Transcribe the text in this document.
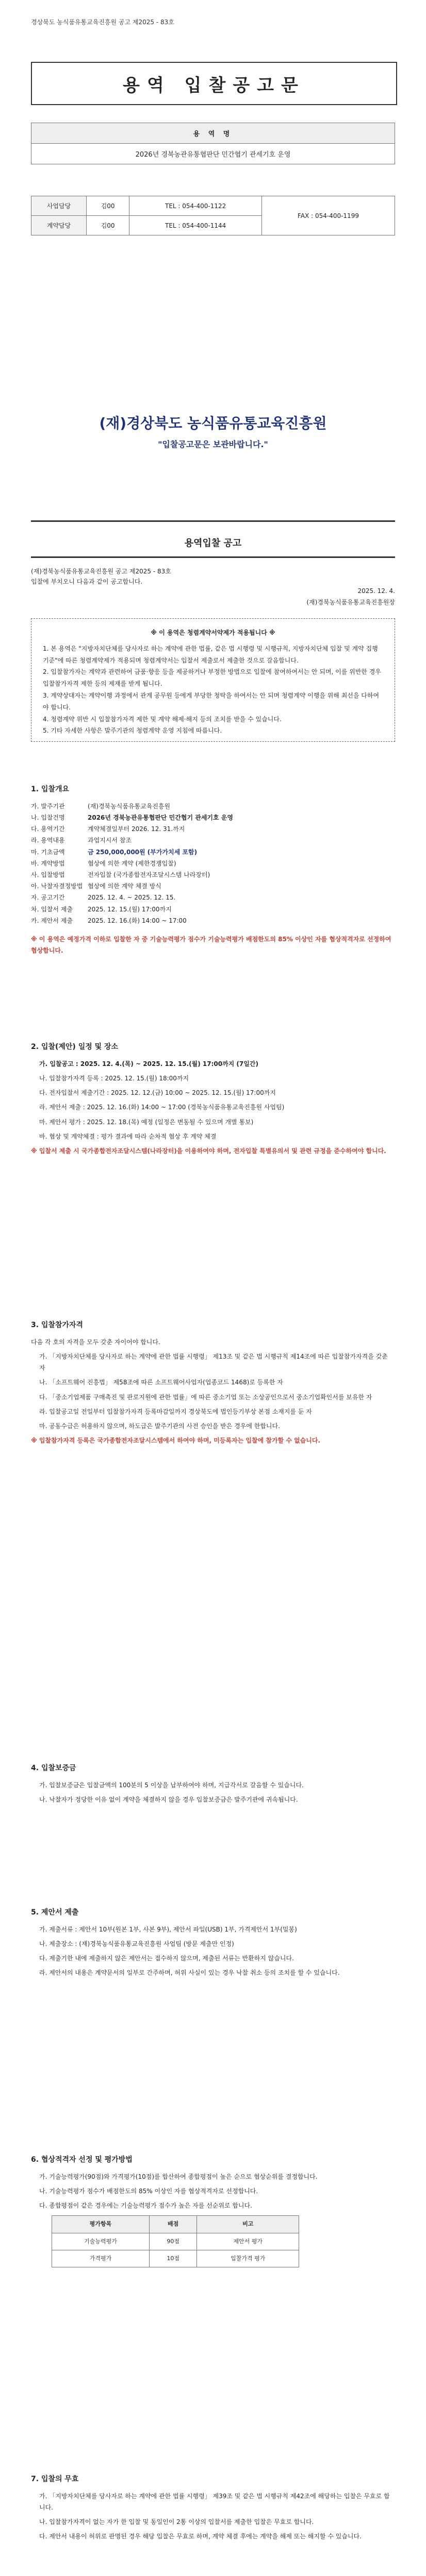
경상북도 농식품유통교육진흥원 공고 제2025 - 83호
용역 입찰공고문
용 역 명
2026년 경북농관유통협판단 민간협기 관세기호 운영
사업담당	김00	TEL : 054-400-1122	FAX : 054-400-1199
계약담당	김00	TEL : 054-400-1144	
(재)경상북도 농식품유통교육진흥원
"입찰공고문은 보관바랍니다."
용역입찰 공고
(재)경북농식품유통교육진흥원 공고 제2025 - 83호
입찰에 부치오니 다음과 같이 공고합니다.
2025. 12. 4.
(재)경북농식품유통교육진흥원장
※ 이 용역은 청렴계약서약제가 적용됩니다 ※
1. 본 용역은 "지방자치단체를 당사자로 하는 계약에 관한 법률, 같은 법 시행령 및 시행규칙, 지방자치단체 입찰 및 계약 집행기준"에 따른 청렴계약제가 적용되며 청렴계약서는 입찰서 제출로서 제출한 것으로 갈음합니다.
2. 입찰참가자는 계약과 관련하여 금품·향응 등을 제공하거나 부정한 방법으로 입찰에 참여하여서는 안 되며, 이를 위반한 경우 입찰참가자격 제한 등의 제재를 받게 됩니다.
3. 계약상대자는 계약이행 과정에서 관계 공무원 등에게 부당한 청탁을 하여서는 안 되며 청렴계약 이행을 위해 최선을 다하여야 합니다.
4. 청렴계약 위반 시 입찰참가자격 제한 및 계약 해제·해지 등의 조치를 받을 수 있습니다.
5. 기타 자세한 사항은 발주기관의 청렴계약 운영 지침에 따릅니다.
1. 입찰개요
가. 발주기관	(재)경북농식품유통교육진흥원
나. 입찰건명	2026년 경북농관유통협판단 민간협기 관세기호 운영
다. 용역기간	계약체결일부터 2026. 12. 31.까지
라. 용역내용	과업지시서 참조
마. 기초금액	금 250,000,000원 (부가가치세 포함)
바. 계약방법	협상에 의한 계약 (제한경쟁입찰)
사. 입찰방법	전자입찰 (국가종합전자조달시스템 나라장터)
아. 낙찰자결정방법 협상에 의한 계약 체결 방식
자. 공고기간	2025. 12. 4. ~ 2025. 12. 15.
차. 입찰서 제출	2025. 12. 15.(월) 17:00까지
카. 제안서 제출	2025. 12. 16.(화) 14:00 ~ 17:00

※ 이 용역은 예정가격 이하로 입찰한 자 중 기술능력평가 점수가 기술능력평가 배점한도의 85% 이상인 자를 협상적격자로 선정하여 협상합니다.

2. 입찰(제안) 일정 및 장소

가. 입찰공고 : 2025. 12. 4.(목) ~ 2025. 12. 15.(월) 17:00까지 (7일간)

나. 입찰참가자격 등록 : 2025. 12. 15.(월) 18:00까지

다. 전자입찰서 제출기간 : 2025. 12. 12.(금) 10:00 ~ 2025. 12. 15.(월) 17:00까지

라. 제안서 제출 : 2025. 12. 16.(화) 14:00 ~ 17:00 (경북농식품유통교육진흥원 사업팀)

마. 제안서 평가 : 2025. 12. 18.(목) 예정 (일정은 변동될 수 있으며 개별 통보)

바. 협상 및 계약체결 : 평가 결과에 따라 순차적 협상 후 계약 체결

※ 입찰서 제출 시 국가종합전자조달시스템(나라장터)을 이용하여야 하며, 전자입찰 특별유의서 및 관련 규정을 준수하여야 합니다.

3. 입찰참가자격

다음 각 호의 자격을 모두 갖춘 자이어야 합니다.

가. 「지방자치단체를 당사자로 하는 계약에 관한 법률 시행령」 제13조 및 같은 법 시행규칙 제14조에 따른 입찰참가자격을 갖춘 자

나. 「소프트웨어 진흥법」 제58조에 따른 소프트웨어사업자(업종코드 1468)로 등록한 자

다. 「중소기업제품 구매촉진 및 판로지원에 관한 법률」에 따른 중소기업 또는 소상공인으로서 중소기업확인서를 보유한 자

라. 입찰공고일 전일부터 입찰참가자격 등록마감일까지 경상북도에 법인등기부상 본점 소재지를 둔 자

마. 공동수급은 허용하지 않으며, 하도급은 발주기관의 사전 승인을 받은 경우에 한합니다.

※ 입찰참가자격 등록은 국가종합전자조달시스템에서 하여야 하며, 미등록자는 입찰에 참가할 수 없습니다.

4. 입찰보증금

가. 입찰보증금은 입찰금액의 100분의 5 이상을 납부하여야 하며, 지급각서로 갈음할 수 있습니다.

나. 낙찰자가 정당한 이유 없이 계약을 체결하지 않을 경우 입찰보증금은 발주기관에 귀속됩니다.

5. 제안서 제출

가. 제출서류 : 제안서 10부(원본 1부, 사본 9부), 제안서 파일(USB) 1부, 가격제안서 1부(밀봉)

나. 제출장소 : (재)경북농식품유통교육진흥원 사업팀 (방문 제출만 인정)

다. 제출기한 내에 제출하지 않은 제안서는 접수하지 않으며, 제출된 서류는 반환하지 않습니다.

라. 제안서의 내용은 계약문서의 일부로 간주하며, 허위 사실이 있는 경우 낙찰 취소 등의 조치를 할 수 있습니다.

6. 협상적격자 선정 및 평가방법

가. 기술능력평가(90점)와 가격평가(10점)를 합산하여 종합평점이 높은 순으로 협상순위를 결정합니다.

나. 기술능력평가 점수가 배점한도의 85% 이상인 자를 협상적격자로 선정합니다.

다. 종합평점이 같은 경우에는 기술능력평가 점수가 높은 자를 선순위로 합니다.

평가항목	배점	비고
기술능력평가	90점	제안서 평가
가격평가	10점	입찰가격 평가
7. 입찰의 무효

가. 「지방자치단체를 당사자로 하는 계약에 관한 법률 시행령」 제39조 및 같은 법 시행규칙 제42조에 해당하는 입찰은 무효로 합니다.

나. 입찰참가자격이 없는 자가 한 입찰 및 동일인이 2통 이상의 입찰서를 제출한 입찰은 무효로 합니다.

다. 제안서 내용이 허위로 판명된 경우 해당 입찰은 무효로 하며, 계약 체결 후에는 계약을 해제 또는 해지할 수 있습니다.
